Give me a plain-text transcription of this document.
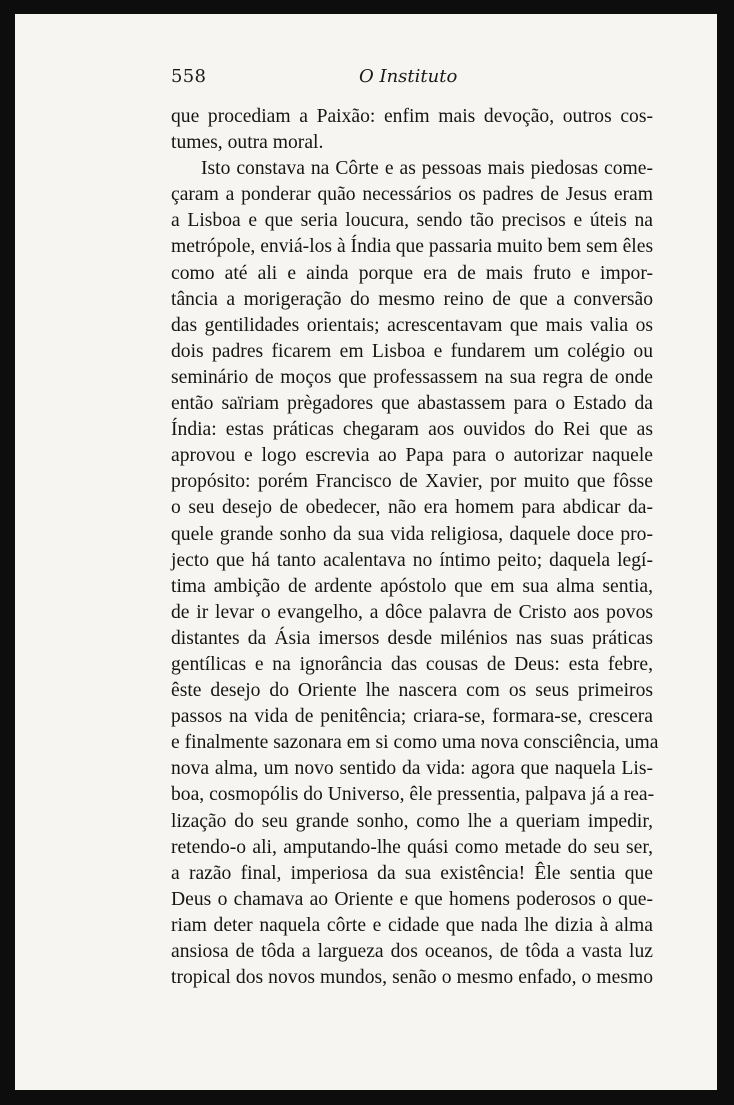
558	O Instituto
que procediam a Paixão: enfim mais devoção, outros cos-
tumes, outra moral.
Isto constava na Côrte e as pessoas mais piedosas come-
çaram a ponderar quão necessários os padres de Jesus eram
a Lisboa e que seria loucura, sendo tão precisos e úteis na
metrópole, enviá-los à Índia que passaria muito bem sem êles
como até ali e ainda porque era de mais fruto e impor-
tância a morigeração do mesmo reino de que a conversão
das gentilidades orientais; acrescentavam que mais valia os
dois padres ficarem em Lisboa e fundarem um colégio ou
seminário de moços que professassem na sua regra de onde
então saïriam prègadores que abastassem para o Estado da
Índia: estas práticas chegaram aos ouvidos do Rei que as
aprovou e logo escrevia ao Papa para o autorizar naquele
propósito: porém Francisco de Xavier, por muito que fôsse
o seu desejo de obedecer, não era homem para abdicar da-
quele grande sonho da sua vida religiosa, daquele doce pro-
jecto que há tanto acalentava no íntimo peito; daquela legí-
tima ambição de ardente apóstolo que em sua alma sentia,
de ir levar o evangelho, a dôce palavra de Cristo aos povos
distantes da Ásia imersos desde milénios nas suas práticas
gentílicas e na ignorância das cousas de Deus: esta febre,
êste desejo do Oriente lhe nascera com os seus primeiros
passos na vida de penitência; criara-se, formara-se, crescera
e finalmente sazonara em si como uma nova consciência, uma
nova alma, um novo sentido da vida: agora que naquela Lis-
boa, cosmopólis do Universo, êle pressentia, palpava já a rea-
lização do seu grande sonho, como lhe a queriam impedir,
retendo-o ali, amputando-lhe quási como metade do seu ser,
a razão final, imperiosa da sua existência! Êle sentia que
Deus o chamava ao Oriente e que homens poderosos o que-
riam deter naquela côrte e cidade que nada lhe dizia à alma
ansiosa de tôda a largueza dos oceanos, de tôda a vasta luz
tropical dos novos mundos, senão o mesmo enfado, o mesmo
